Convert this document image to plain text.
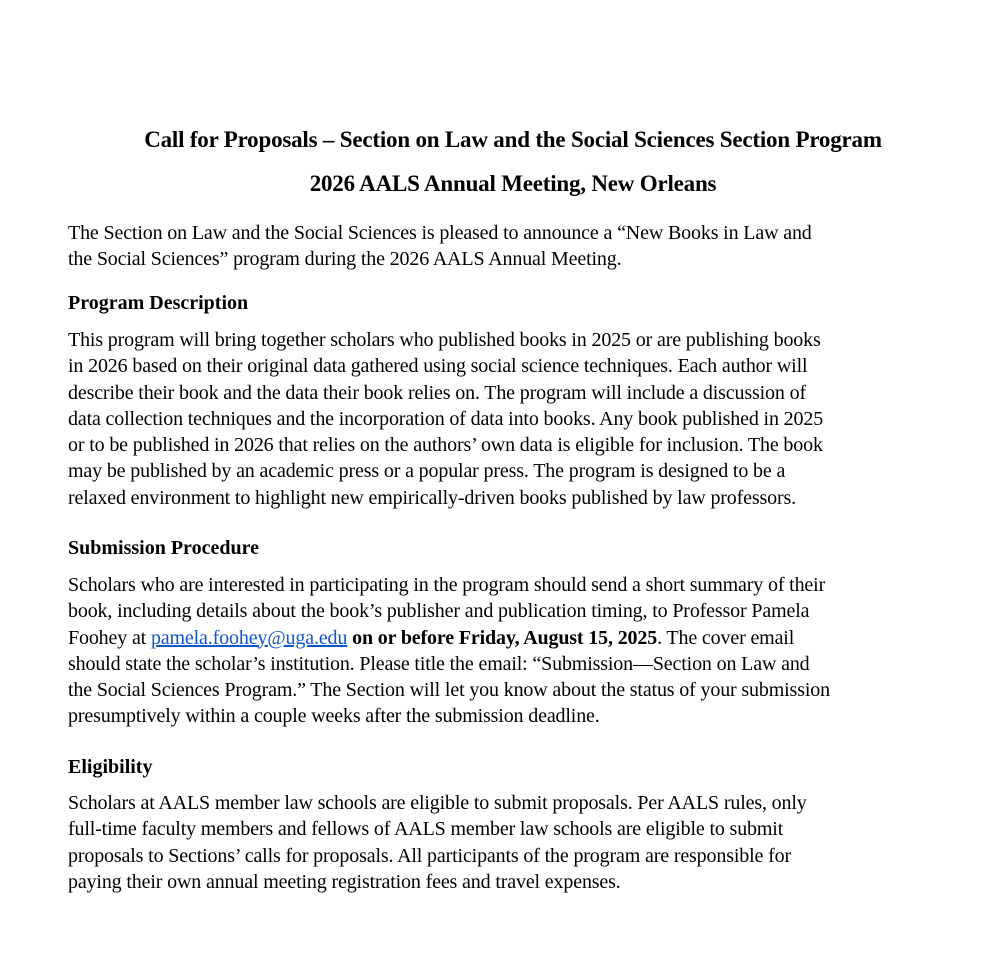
Call for Proposals – Section on Law and the Social Sciences Section Program
2026 AALS Annual Meeting, New Orleans

The Section on Law and the Social Sciences is pleased to announce a “New Books in Law and
the Social Sciences” program during the 2026 AALS Annual Meeting.

Program Description

This program will bring together scholars who published books in 2025 or are publishing books
in 2026 based on their original data gathered using social science techniques. Each author will
describe their book and the data their book relies on. The program will include a discussion of
data collection techniques and the incorporation of data into books. Any book published in 2025
or to be published in 2026 that relies on the authors’ own data is eligible for inclusion. The book
may be published by an academic press or a popular press. The program is designed to be a
relaxed environment to highlight new empirically-driven books published by law professors.

Submission Procedure

Scholars who are interested in participating in the program should send a short summary of their
book, including details about the book’s publisher and publication timing, to Professor Pamela
Foohey at pamela.foohey@uga.edu on or before Friday, August 15, 2025. The cover email
should state the scholar’s institution. Please title the email: “Submission—Section on Law and
the Social Sciences Program.” The Section will let you know about the status of your submission
presumptively within a couple weeks after the submission deadline.

Eligibility

Scholars at AALS member law schools are eligible to submit proposals. Per AALS rules, only
full-time faculty members and fellows of AALS member law schools are eligible to submit
proposals to Sections’ calls for proposals. All participants of the program are responsible for
paying their own annual meeting registration fees and travel expenses.
